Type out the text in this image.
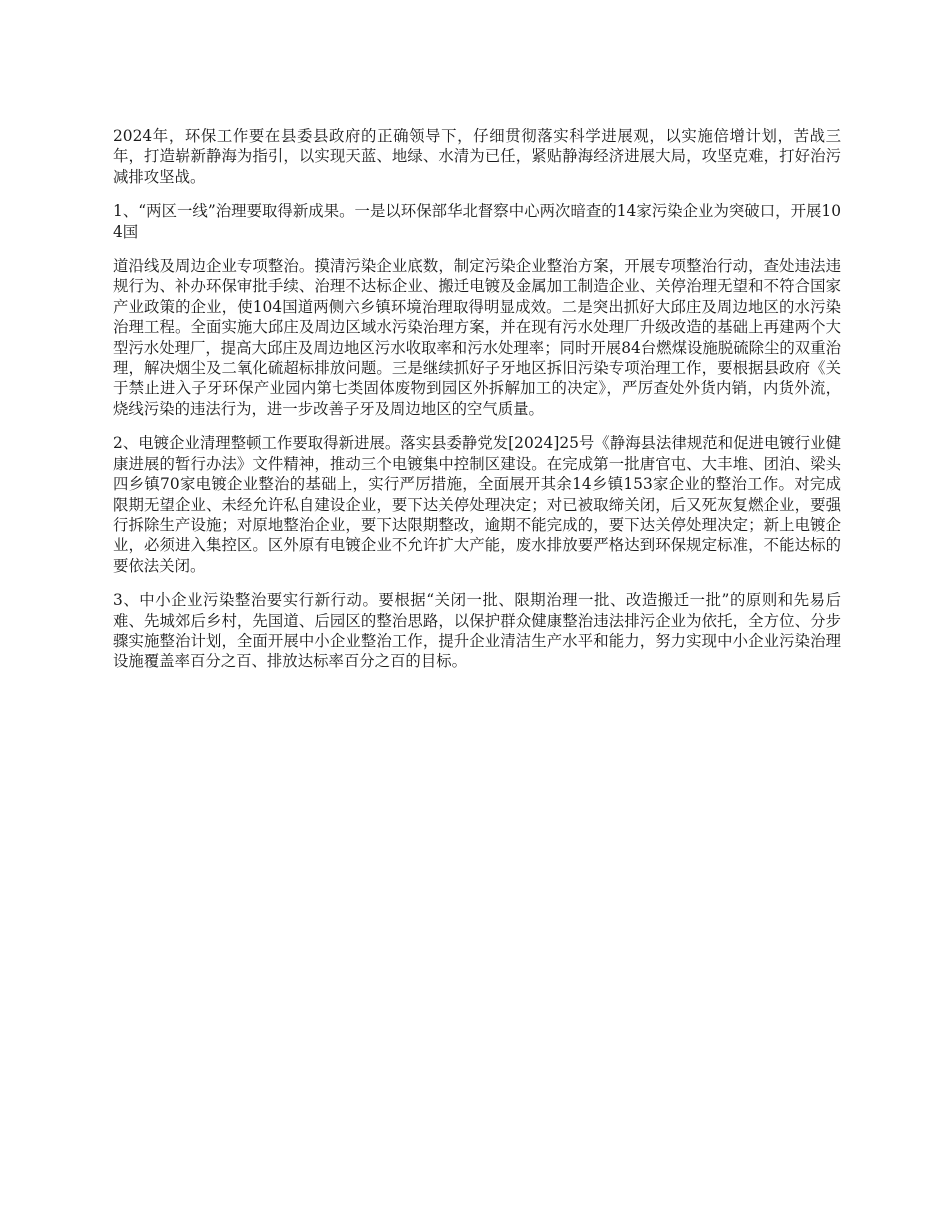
2024年，环保工作要在县委县政府的正确领导下，仔细贯彻落实科学进展观，以实施倍增计划，苦战三年，打造崭新静海为指引，以实现天蓝、地绿、水清为已任，紧贴静海经济进展大局，攻坚克难，打好治污减排攻坚战。

1、“两区一线”治理要取得新成果。一是以环保部华北督察中心两次暗查的14家污染企业为突破口，开展104国

道沿线及周边企业专项整治。摸清污染企业底数，制定污染企业整治方案，开展专项整治行动，查处违法违规行为、补办环保审批手续、治理不达标企业、搬迁电镀及金属加工制造企业、关停治理无望和不符合国家产业政策的企业，使104国道两侧六乡镇环境治理取得明显成效。二是突出抓好大邱庄及周边地区的水污染治理工程。全面实施大邱庄及周边区域水污染治理方案，并在现有污水处理厂升级改造的基础上再建两个大型污水处理厂，提高大邱庄及周边地区污水收取率和污水处理率；同时开展84台燃煤设施脱硫除尘的双重治理，解决烟尘及二氧化硫超标排放问题。三是继续抓好子牙地区拆旧污染专项治理工作，要根据县政府《关于禁止进入子牙环保产业园内第七类固体废物到园区外拆解加工的决定》，严厉查处外货内销，内货外流，烧线污染的违法行为，进一步改善子牙及周边地区的空气质量。

2、电镀企业清理整顿工作要取得新进展。落实县委静党发[2024]25号《静海县法律规范和促进电镀行业健康进展的暂行办法》文件精神，推动三个电镀集中控制区建设。在完成第一批唐官屯、大丰堆、团泊、梁头四乡镇70家电镀企业整治的基础上，实行严厉措施，全面展开其余14乡镇153家企业的整治工作。对完成限期无望企业、未经允许私自建设企业，要下达关停处理决定；对已被取缔关闭，后又死灰复燃企业，要强行拆除生产设施；对原地整治企业，要下达限期整改，逾期不能完成的，要下达关停处理决定；新上电镀企业，必须进入集控区。区外原有电镀企业不允许扩大产能，废水排放要严格达到环保规定标准，不能达标的要依法关闭。

3、中小企业污染整治要实行新行动。要根据“关闭一批、限期治理一批、改造搬迁一批”的原则和先易后难、先城郊后乡村，先国道、后园区的整治思路，以保护群众健康整治违法排污企业为依托，全方位、分步骤实施整治计划，全面开展中小企业整治工作，提升企业清洁生产水平和能力，努力实现中小企业污染治理设施覆盖率百分之百、排放达标率百分之百的目标。
